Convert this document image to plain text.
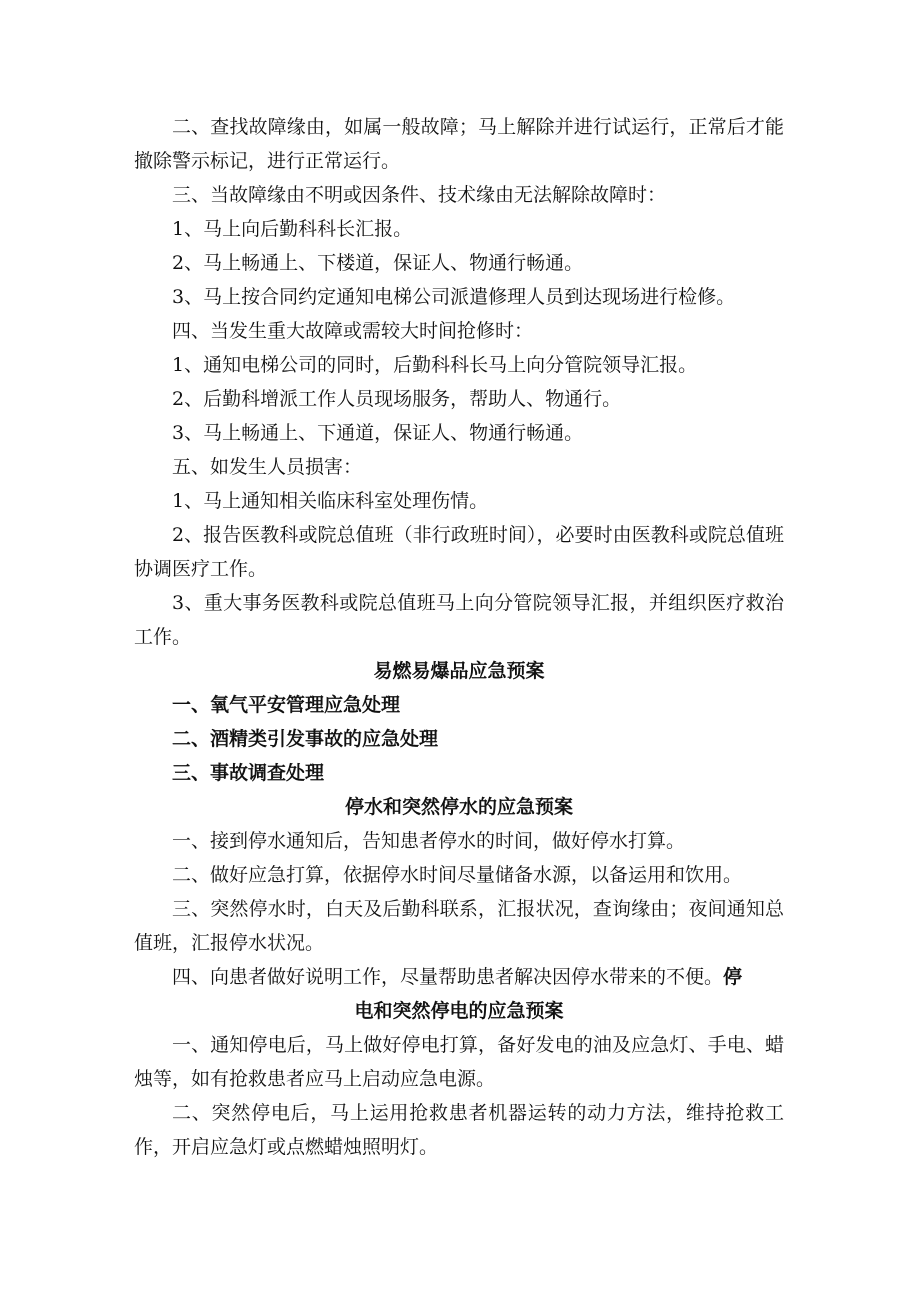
二、查找故障缘由，如属一般故障；马上解除并进行试运行，正常后才能撤除警示标记，进行正常运行。

三、当故障缘由不明或因条件、技术缘由无法解除故障时：

1、马上向后勤科科长汇报。

2、马上畅通上、下楼道，保证人、物通行畅通。

3、马上按合同约定通知电梯公司派遣修理人员到达现场进行检修。

四、当发生重大故障或需较大时间抢修时：

1、通知电梯公司的同时，后勤科科长马上向分管院领导汇报。

2、后勤科增派工作人员现场服务，帮助人、物通行。

3、马上畅通上、下通道，保证人、物通行畅通。

五、如发生人员损害：

1、马上通知相关临床科室处理伤情。

2、报告医教科或院总值班（非行政班时间），必要时由医教科或院总值班协调医疗工作。

3、重大事务医教科或院总值班马上向分管院领导汇报，并组织医疗救治工作。

易燃易爆品应急预案

一、氧气平安管理应急处理

二、酒精类引发事故的应急处理

三、事故调查处理

停水和突然停水的应急预案

一、接到停水通知后，告知患者停水的时间，做好停水打算。

二、做好应急打算，依据停水时间尽量储备水源，以备运用和饮用。

三、突然停水时，白天及后勤科联系，汇报状况，查询缘由；夜间通知总值班，汇报停水状况。

四、向患者做好说明工作，尽量帮助患者解决因停水带来的不便。停

电和突然停电的应急预案

一、通知停电后，马上做好停电打算，备好发电的油及应急灯、手电、蜡烛等，如有抢救患者应马上启动应急电源。

二、突然停电后，马上运用抢救患者机器运转的动力方法，维持抢救工作，开启应急灯或点燃蜡烛照明灯。
